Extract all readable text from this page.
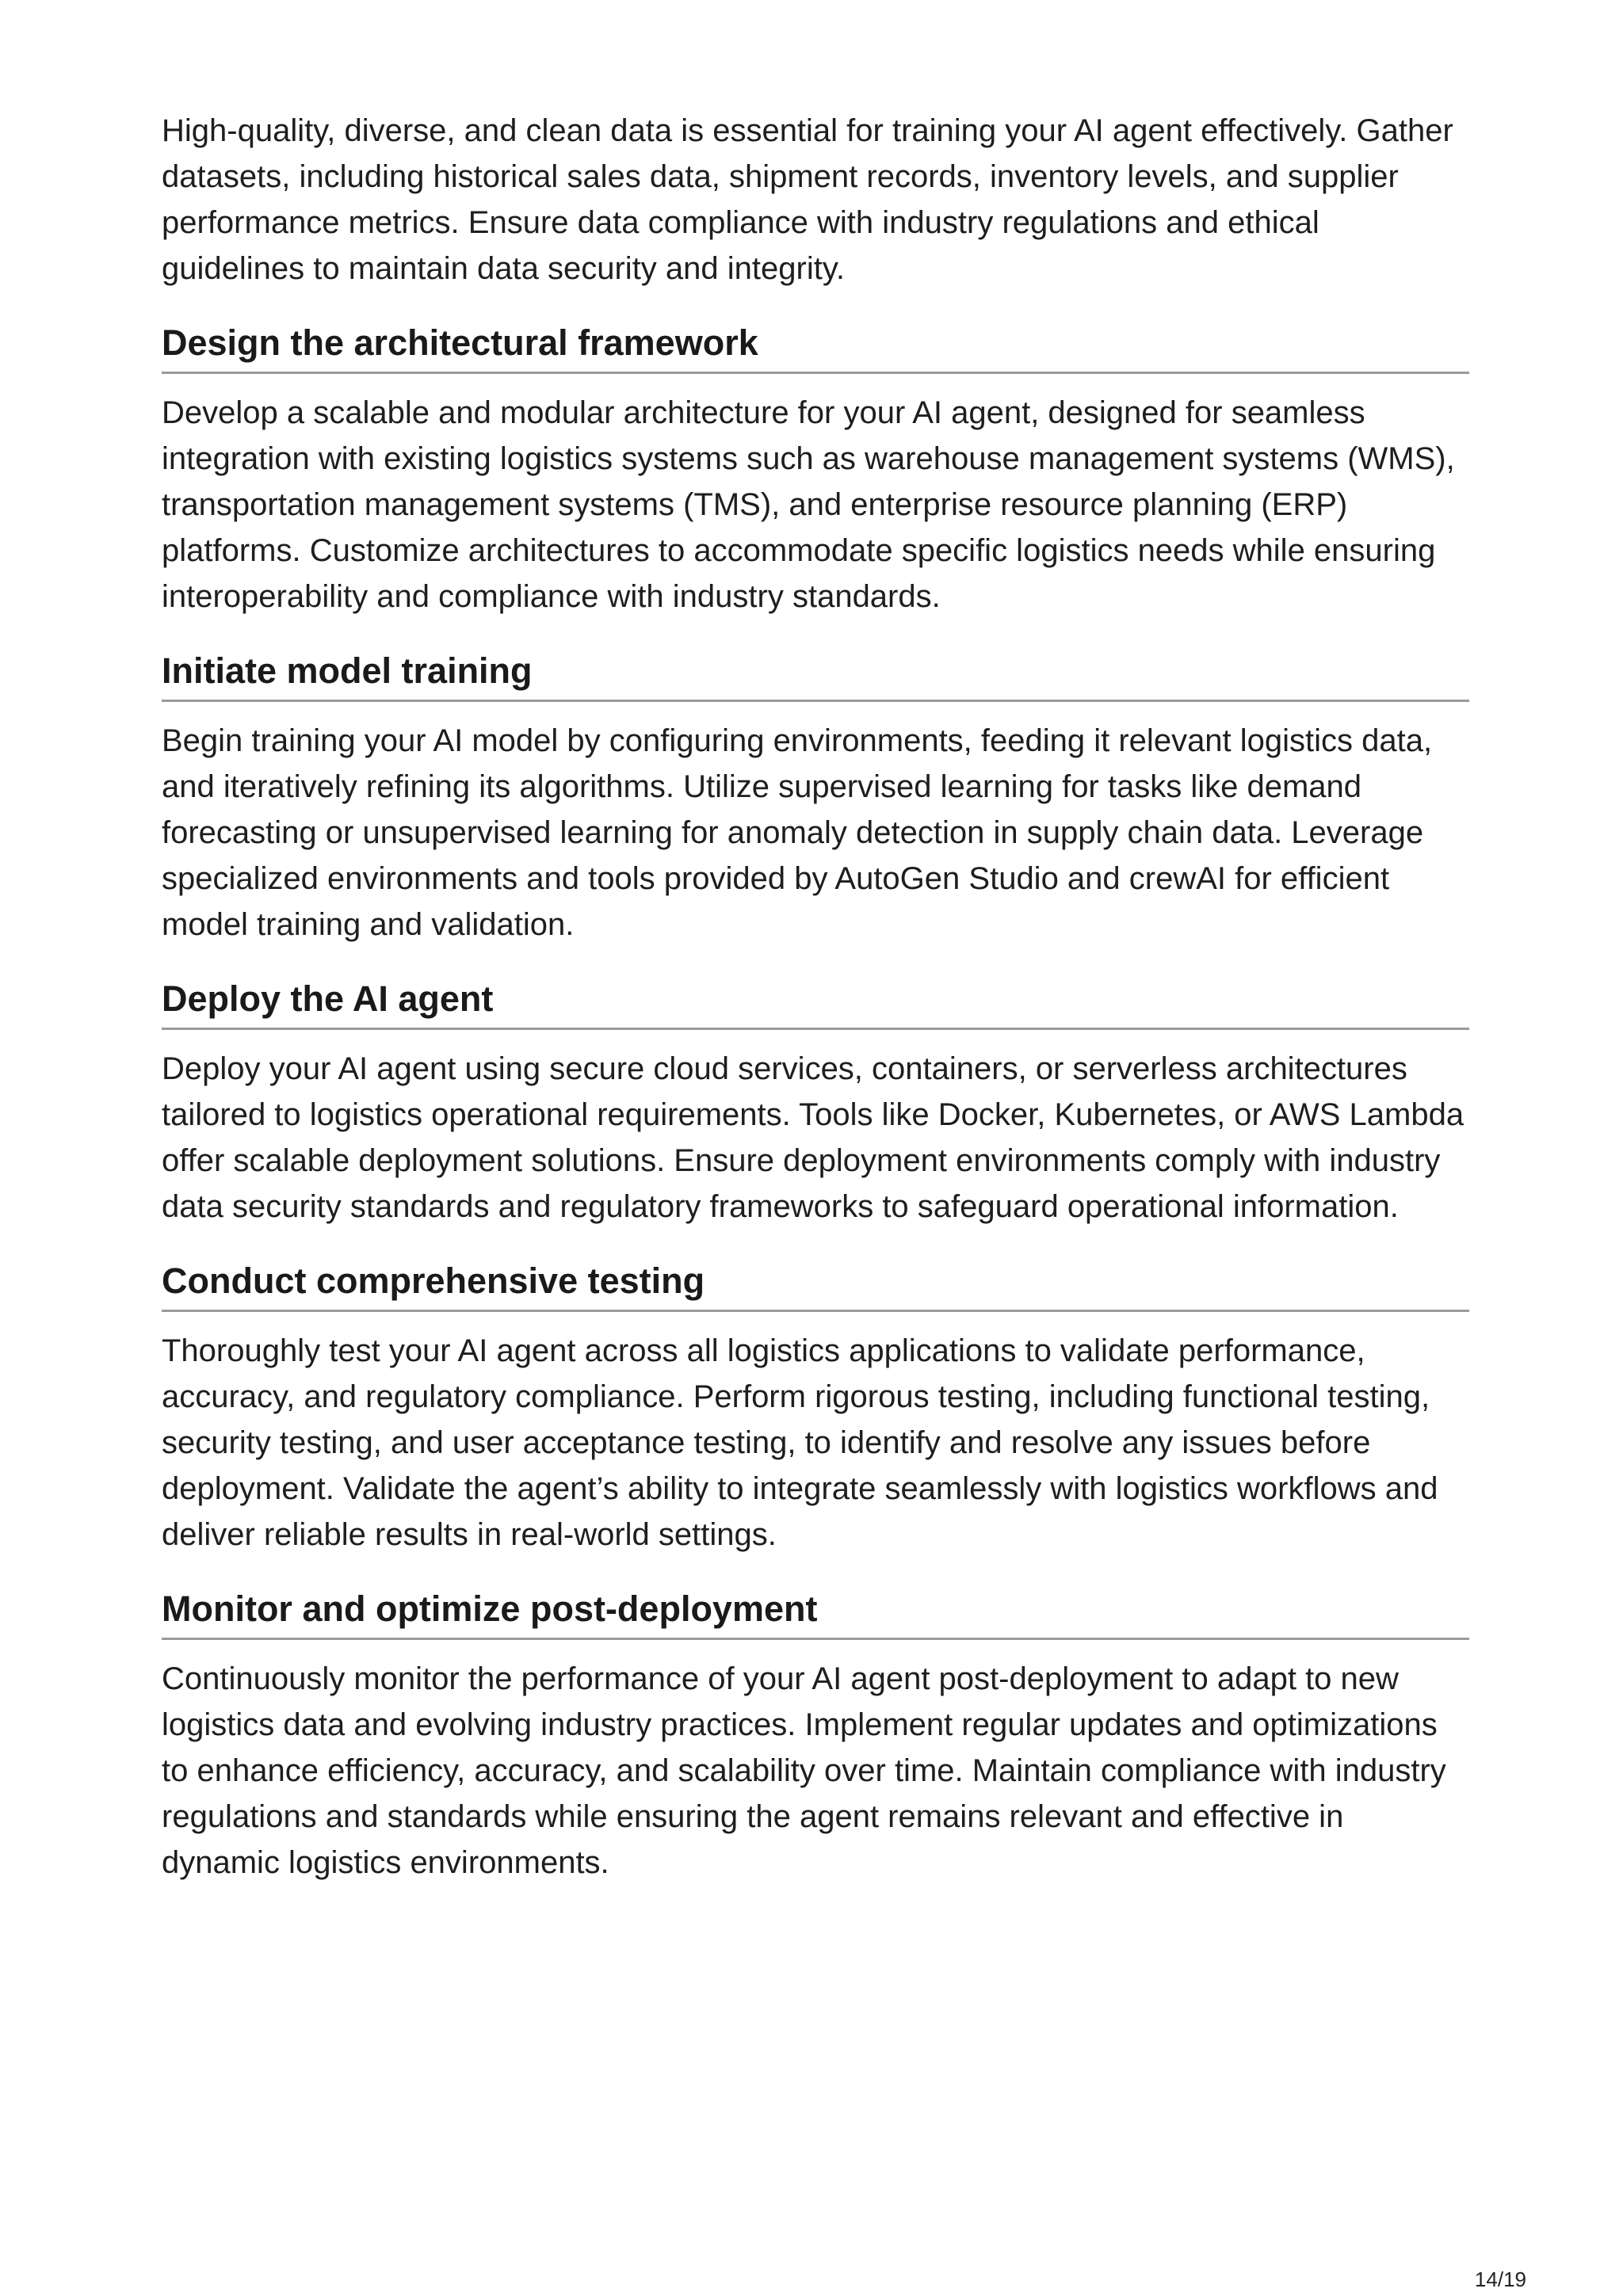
High-quality, diverse, and clean data is essential for training your AI agent effectively. Gather datasets, including historical sales data, shipment records, inventory levels, and supplier performance metrics. Ensure data compliance with industry regulations and ethical guidelines to maintain data security and integrity.

Design the architectural framework

Develop a scalable and modular architecture for your AI agent, designed for seamless integration with existing logistics systems such as warehouse management systems (WMS), transportation management systems (TMS), and enterprise resource planning (ERP) platforms. Customize architectures to accommodate specific logistics needs while ensuring interoperability and compliance with industry standards.

Initiate model training

Begin training your AI model by configuring environments, feeding it relevant logistics data, and iteratively refining its algorithms. Utilize supervised learning for tasks like demand forecasting or unsupervised learning for anomaly detection in supply chain data. Leverage specialized environments and tools provided by AutoGen Studio and crewAI for efficient model training and validation.

Deploy the AI agent

Deploy your AI agent using secure cloud services, containers, or serverless architectures tailored to logistics operational requirements. Tools like Docker, Kubernetes, or AWS Lambda offer scalable deployment solutions. Ensure deployment environments comply with industry data security standards and regulatory frameworks to safeguard operational information.

Conduct comprehensive testing

Thoroughly test your AI agent across all logistics applications to validate performance, accuracy, and regulatory compliance. Perform rigorous testing, including functional testing, security testing, and user acceptance testing, to identify and resolve any issues before deployment. Validate the agent’s ability to integrate seamlessly with logistics workflows and deliver reliable results in real-world settings.

Monitor and optimize post-deployment

Continuously monitor the performance of your AI agent post-deployment to adapt to new logistics data and evolving industry practices. Implement regular updates and optimizations to enhance efficiency, accuracy, and scalability over time. Maintain compliance with industry regulations and standards while ensuring the agent remains relevant and effective in dynamic logistics environments.

14/19
